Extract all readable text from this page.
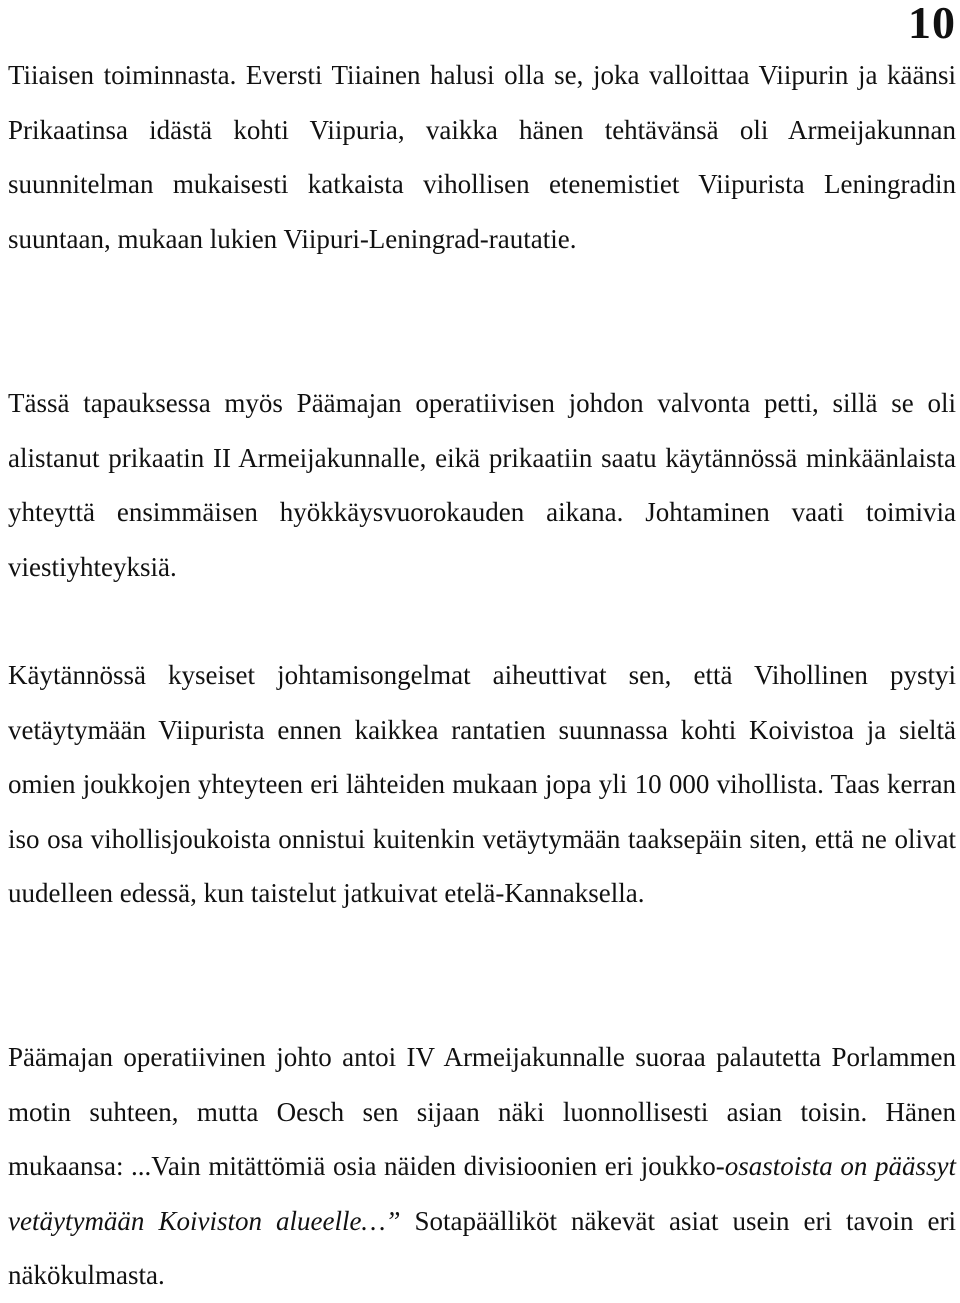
10

Tiiaisen toiminnasta. Eversti Tiiainen halusi olla se, joka valloittaa Viipurin ja käänsi Prikaatinsa idästä kohti Viipuria, vaikka hänen tehtävänsä oli Armeijakunnan suunnitelman mukaisesti katkaista vihollisen etenemistiet Viipurista Leningradin suuntaan, mukaan lukien Viipuri-Leningrad-rautatie.

Tässä tapauksessa myös Päämajan operatiivisen johdon valvonta petti, sillä se oli alistanut prikaatin II Armeijakunnalle, eikä prikaatiin saatu käytännössä minkäänlaista yhteyttä ensimmäisen hyökkäysvuorokauden aikana. Johtaminen vaati toimivia viestiyhteyksiä.

Käytännössä kyseiset johtamisongelmat aiheuttivat sen, että Vihollinen pystyi vetäytymään Viipurista ennen kaikkea rantatien suunnassa kohti Koivistoa ja sieltä omien joukkojen yhteyteen eri lähteiden mukaan jopa yli 10 000 vihollista. Taas kerran iso osa vihollisjoukoista onnistui kuitenkin vetäytymään taaksepäin siten, että ne olivat uudelleen edessä, kun taistelut jatkuivat etelä-Kannaksella.

Päämajan operatiivinen johto antoi IV Armeijakunnalle suoraa palautetta Porlammen motin suhteen, mutta Oesch sen sijaan näki luonnollisesti asian toisin. Hänen mukaansa: ...Vain mitättömiä osia näiden divisioonien eri joukko-osastoista on päässyt vetäytymään Koiviston alueelle…” Sotapäälliköt näkevät asiat usein eri tavoin eri näkökulmasta.
